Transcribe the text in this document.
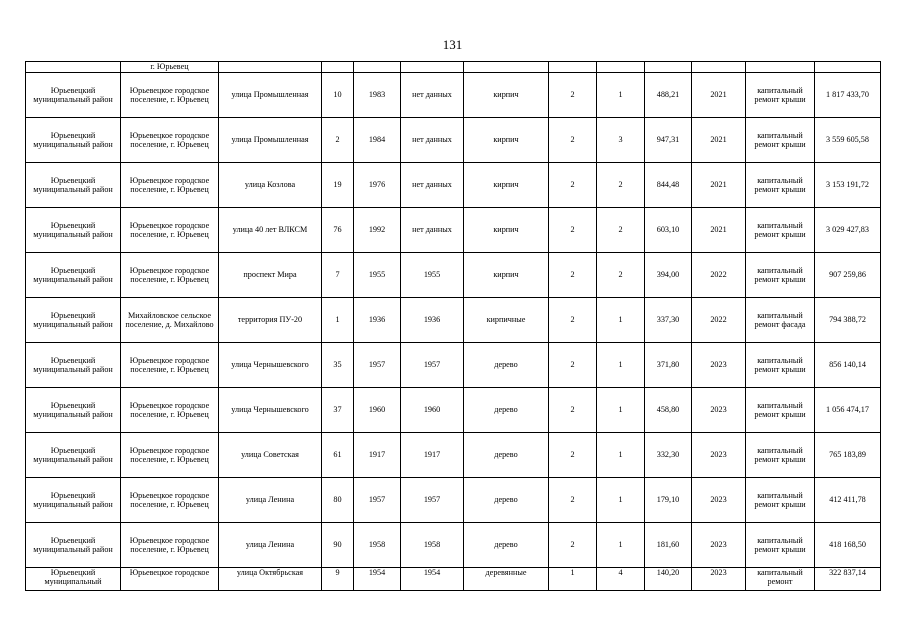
131
	г. Юрьевец											
Юрьевецкий муниципальный район	Юрьевецкое городское поселение, г. Юрьевец	улица Промышленная	10	1983	нет данных	кирпич	2	1	488,21	2021	капитальный ремонт крыши	1 817 433,70
Юрьевецкий муниципальный район	Юрьевецкое городское поселение, г. Юрьевец	улица Промышленная	2	1984	нет данных	кирпич	2	3	947,31	2021	капитальный ремонт крыши	3 559 605,58
Юрьевецкий муниципальный район	Юрьевецкое городское поселение, г. Юрьевец	улица Козлова	19	1976	нет данных	кирпич	2	2	844,48	2021	капитальный ремонт крыши	3 153 191,72
Юрьевецкий муниципальный район	Юрьевецкое городское поселение, г. Юрьевец	улица 40 лет ВЛКСМ	76	1992	нет данных	кирпич	2	2	603,10	2021	капитальный ремонт крыши	3 029 427,83
Юрьевецкий муниципальный район	Юрьевецкое городское поселение, г. Юрьевец	проспект Мира	7	1955	1955	кирпич	2	2	394,00	2022	капитальный ремонт крыши	907 259,86
Юрьевецкий муниципальный район	Михайловское сельское поселение, д. Михайлово	территория ПУ-20	1	1936	1936	кирпичные	2	1	337,30	2022	капитальный ремонт фасада	794 388,72
Юрьевецкий муниципальный район	Юрьевецкое городское поселение, г. Юрьевец	улица Чернышевского	35	1957	1957	дерево	2	1	371,80	2023	капитальный ремонт крыши	856 140,14
Юрьевецкий муниципальный район	Юрьевецкое городское поселение, г. Юрьевец	улица Чернышевского	37	1960	1960	дерево	2	1	458,80	2023	капитальный ремонт крыши	1 056 474,17
Юрьевецкий муниципальный район	Юрьевецкое городское поселение, г. Юрьевец	улица Советская	61	1917	1917	дерево	2	1	332,30	2023	капитальный ремонт крыши	765 183,89
Юрьевецкий муниципальный район	Юрьевецкое городское поселение, г. Юрьевец	улица Ленина	80	1957	1957	дерево	2	1	179,10	2023	капитальный ремонт крыши	412 411,78
Юрьевецкий муниципальный район	Юрьевецкое городское поселение, г. Юрьевец	улица Ленина	90	1958	1958	дерево	2	1	181,60	2023	капитальный ремонт крыши	418 168,50
Юрьевецкий муниципальный	Юрьевецкое городское	улица Октябрьская	9	1954	1954	деревянные	1	4	140,20	2023	капитальный ремонт	322 837,14
